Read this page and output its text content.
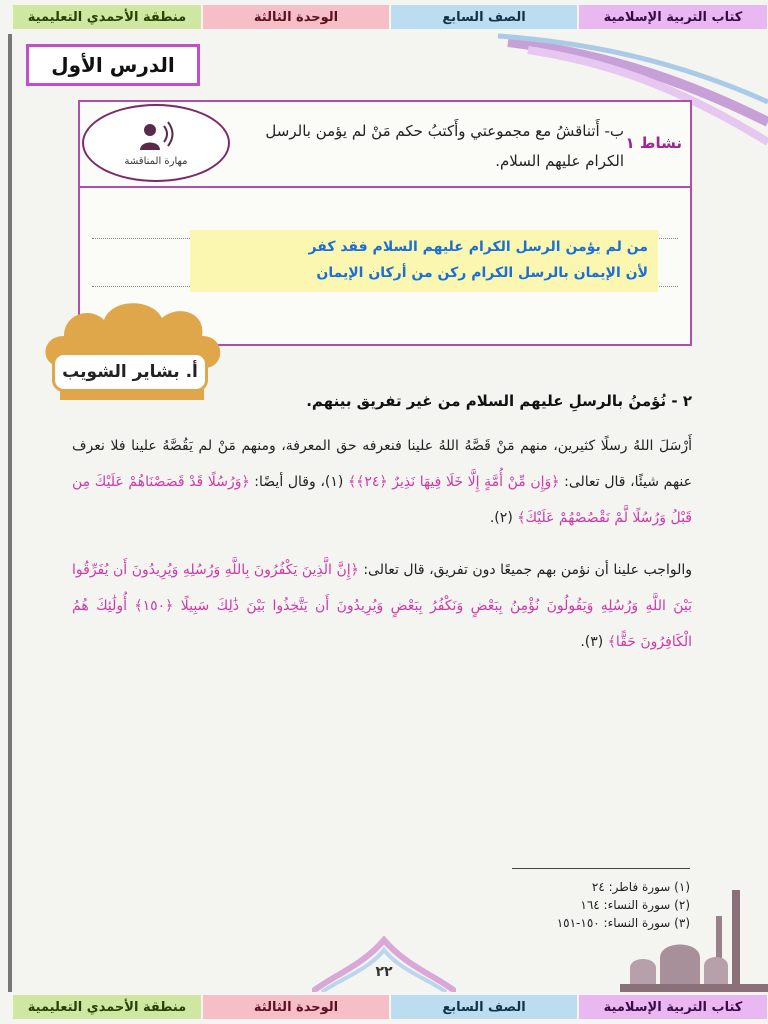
كتاب التربية الإسلامية
الصف السابع
الوحدة الثالثة
منطقة الأحمدي التعليمية
الدرس الأول
نشاط ١
ب- أَتناقشُ مع مجموعتي وأَكتبُ حكم مَنْ لم يؤمن بالرسل الكرام عليهم السلام.
مهارة المناقشة
من لم يؤمن الرسل الكرام عليهم السلام فقد كفر
لأن الإيمان بالرسل الكرام ركن من أركان الإيمان
أ. بشاير الشويب
٢ - نُؤمنُ بالرسلِ عليهم السلام من غير تفريق بينهم.
أَرْسَلَ اللهُ رسلًا كثيرين، منهم مَنْ قَصَّهُ اللهُ علينا فنعرفه حق المعرفة، ومنهم مَنْ لم يَقُصَّهُ علينا فلا نعرف عنهم شيئًا، قال تعالى: ﴿وَإِن مِّنْ أُمَّةٍ إِلَّا خَلَا فِيهَا نَذِيرٌ ﴿٢٤﴾﴾ (١)، وقال أيضًا: ﴿وَرُسُلًا قَدْ قَصَصْنَاهُمْ عَلَيْكَ مِن قَبْلُ وَرُسُلًا لَّمْ نَقْصُصْهُمْ عَلَيْكَ﴾ (٢).
والواجب علينا أن نؤمن بهم جميعًا دون تفريق، قال تعالى: ﴿إِنَّ الَّذِينَ يَكْفُرُونَ بِاللَّهِ وَرُسُلِهِ وَيُرِيدُونَ أَن يُفَرِّقُوا بَيْنَ اللَّهِ وَرُسُلِهِ وَيَقُولُونَ نُؤْمِنُ بِبَعْضٍ وَنَكْفُرُ بِبَعْضٍ وَيُرِيدُونَ أَن يَتَّخِذُوا بَيْنَ ذَٰلِكَ سَبِيلًا ﴿١٥٠﴾ أُولَٰئِكَ هُمُ الْكَافِرُونَ حَقًّا﴾ (٣).
(١) سورة فاطر: ٢٤
(٢) سورة النساء: ١٦٤
(٣) سورة النساء: ١٥٠-١٥١
٢٢
كتاب التربية الإسلامية
الصف السابع
الوحدة الثالثة
منطقة الأحمدي التعليمية
